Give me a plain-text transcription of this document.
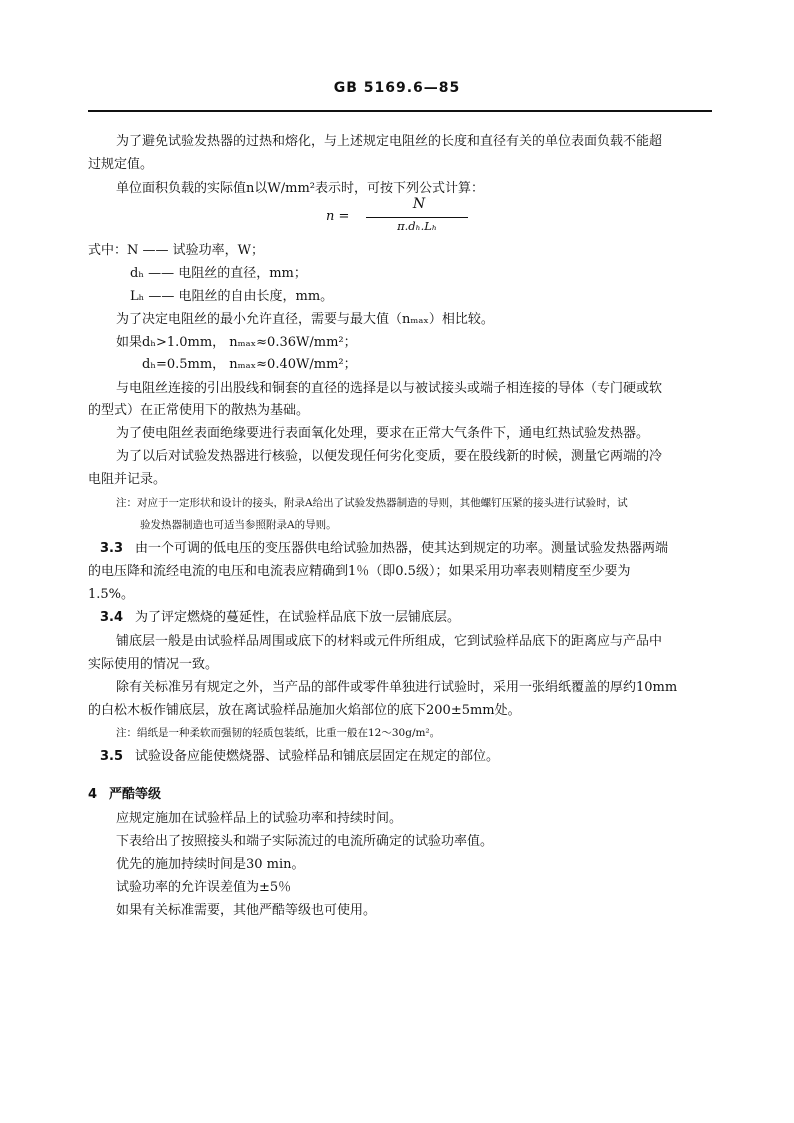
GB 5169.6—85
为了避免试验发热器的过热和熔化，与上述规定电阻丝的长度和直径有关的单位表面负载不能超
过规定值。
单位面积负载的实际值n以W/mm²表示时，可按下列公式计算：
n =
N
π.dₕ.Lₕ
式中：N —— 试验功率，W；
dₕ —— 电阻丝的直径，mm；
Lₕ —— 电阻丝的自由长度，mm。
为了决定电阻丝的最小允许直径，需要与最大值（nₘₐₓ）相比较。
如果dₕ>1.0mm， nₘₐₓ≈0.36W/mm²；
dₕ=0.5mm， nₘₐₓ≈0.40W/mm²；
与电阻丝连接的引出股线和铜套的直径的选择是以与被试接头或端子相连接的导体（专门硬或软
的型式）在正常使用下的散热为基础。
为了使电阻丝表面绝缘要进行表面氧化处理，要求在正常大气条件下，通电红热试验发热器。
为了以后对试验发热器进行核验，以便发现任何劣化变质，要在股线新的时候，测量它两端的冷
电阻并记录。
注：对应于一定形状和设计的接头，附录A给出了试验发热器制造的导则，其他螺钉压紧的接头进行试验时，试
验发热器制造也可适当参照附录A的导则。
3.3 由一个可调的低电压的变压器供电给试验加热器，使其达到规定的功率。测量试验发热器两端
的电压降和流经电流的电压和电流表应精确到1％（即0.5级）；如果采用功率表则精度至少要为
1.5%。
3.4 为了评定燃烧的蔓延性，在试验样品底下放一层铺底层。
铺底层一般是由试验样品周围或底下的材料或元件所组成，它到试验样品底下的距离应与产品中
实际使用的情况一致。
除有关标准另有规定之外，当产品的部件或零件单独进行试验时，采用一张绢纸覆盖的厚约10mm
的白松木板作铺底层，放在离试验样品施加火焰部位的底下200±5mm处。
注：绢纸是一种柔软而强韧的轻质包装纸，比重一般在12～30g/m²。
3.5 试验设备应能使燃烧器、试验样品和铺底层固定在规定的部位。
4 严酷等级
应规定施加在试验样品上的试验功率和持续时间。
下表给出了按照接头和端子实际流过的电流所确定的试验功率值。
优先的施加持续时间是30 min。
试验功率的允许误差值为±5％
如果有关标准需要，其他严酷等级也可使用。
